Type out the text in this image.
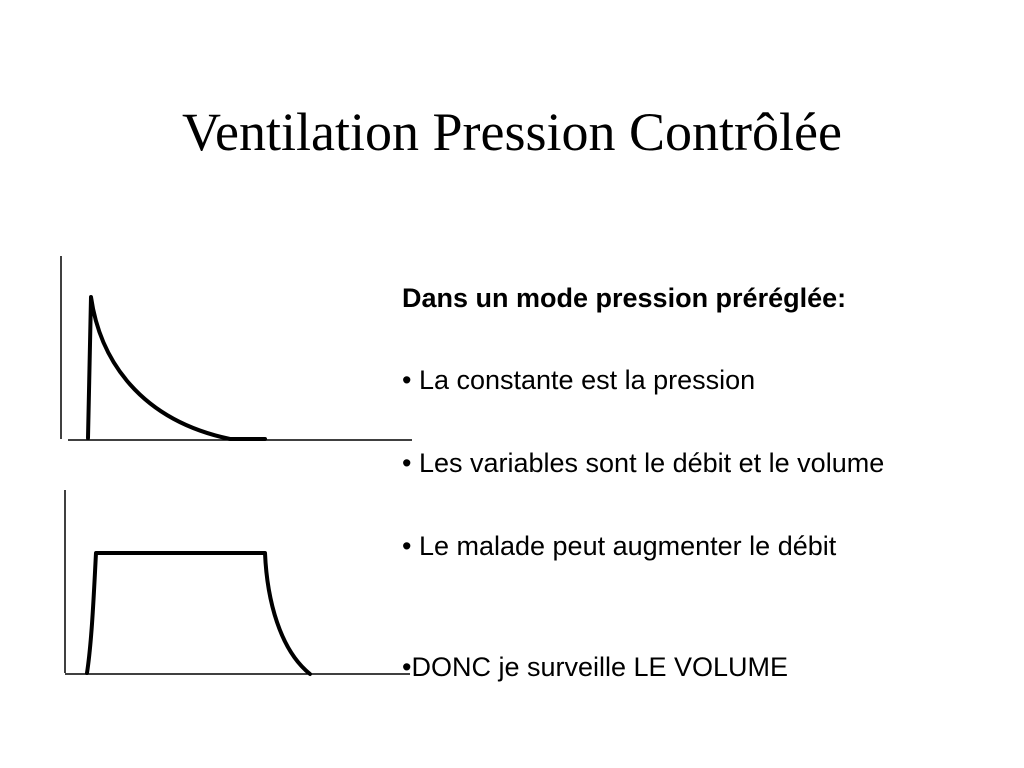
Ventilation Pression Contrôlée
Dans un mode pression préréglée:
• La constante est la pression
• Les variables sont le débit et le volume
• Le malade peut augmenter le débit
•DONC je surveille LE VOLUME
